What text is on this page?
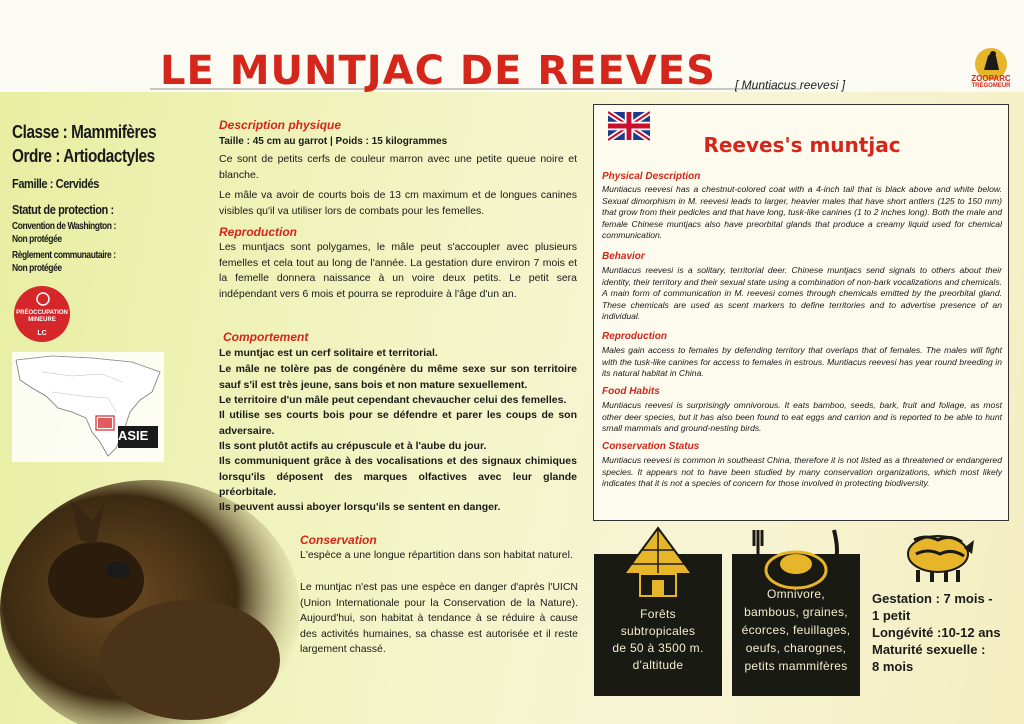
LE MUNTJAC DE REEVES [ Muntiacus reevesi ]	ZOOPARC
TRÉGOMEUR
Classe : Mammifères
Ordre : Artiodactyles
Famille : Cervidés
Statut de protection :
Convention de Washington :
Non protégée
Règlement communautaire :
Non protégée
PRÉOCCUPATION MINEURE
LC
ASIE
Description physique
Taille : 45 cm au garrot | Poids : 15 kilogrammes
Ce sont de petits cerfs de couleur marron avec une petite queue noire et blanche.
Le mâle va avoir de courts bois de 13 cm maximum et de longues canines visibles qu'il va utiliser lors de combats pour les femelles.
Reproduction
Les muntjacs sont polygames, le mâle peut s'accoupler avec plusieurs femelles et cela tout au long de l'année. La gestation dure environ 7 mois et la femelle donnera naissance à un voire deux petits. Le petit sera indépendant vers 6 mois et pourra se reproduire à l'âge d'un an.
Comportement
Le muntjac est un cerf solitaire et territorial.
Le mâle ne tolère pas de congénère du même sexe sur son territoire sauf s'il est très jeune, sans bois et non mature sexuellement.
Le territoire d'un mâle peut cependant chevaucher celui des femelles.
Il utilise ses courts bois pour se défendre et parer les coups de son adversaire.
Ils sont plutôt actifs au crépuscule et à l'aube du jour.
Ils communiquent grâce à des vocalisations et des signaux chimiques lorsqu'ils déposent des marques olfactives avec leur glande préorbitale.
Ils peuvent aussi aboyer lorsqu'ils se sentent en danger.
Conservation
L'espèce a une longue répartition dans son habitat naturel.
Le muntjac n'est pas une espèce en danger d'après l'UICN (Union Internationale pour la Conservation de la Nature). Aujourd'hui, son habitat à tendance à se réduire à cause des activités humaines, sa chasse est autorisée et il reste largement chassé.
Reeves's muntjac
Physical Description
Muntiacus reevesi has a chestnut-colored coat with a 4-inch tail that is black above and white below. Sexual dimorphism in M. reevesi leads to larger, heavier males that have short antlers (125 to 150 mm) that grow from their pedicles and that have long, tusk-like canines (1 to 2 inches long). Both the male and female Chinese muntjacs also have preorbital glands that produce a creamy liquid used for chemical communication.
Behavior
Muntiacus reevesi is a solitary, territorial deer. Chinese muntjacs send signals to others about their identity, their territory and their sexual state using a combination of non-bark vocalizations and chemicals. A main form of communication in M. reevesi comes through chemicals emitted by the preorbital gland. These chemicals are used as scent markers to define territories and to advertise presence of an individual.
Reproduction
Males gain access to females by defending territory that overlaps that of females. The males will fight with the tusk-like canines for access to females in estrous. Muntiacus reevesi has year round breeding in its natural habitat in China.
Food Habits
Muntiacus reevesi is surprisingly omnivorous. It eats bamboo, seeds, bark, fruit and foliage, as most other deer species, but it has also been found to eat eggs and carrion and is reported to be able to hunt small mammals and ground-nesting birds.
Conservation Status
Muntiacus reevesi is common in southeast China, therefore it is not listed as a threatened or endangered species. It appears not to have been studied by many conservation organizations, which most likely indicates that it is not a species of concern for those involved in protecting biodiversity.
Forêts
subtropicales
de 50 à 3500 m.
d'altitude
Omnivore,
bambous, graines,
écorces, feuillages,
oeufs, charognes,
petits mammifères
Gestation : 7 mois -
1 petit
Longévité :10-12 ans
Maturité sexuelle :
8 mois
